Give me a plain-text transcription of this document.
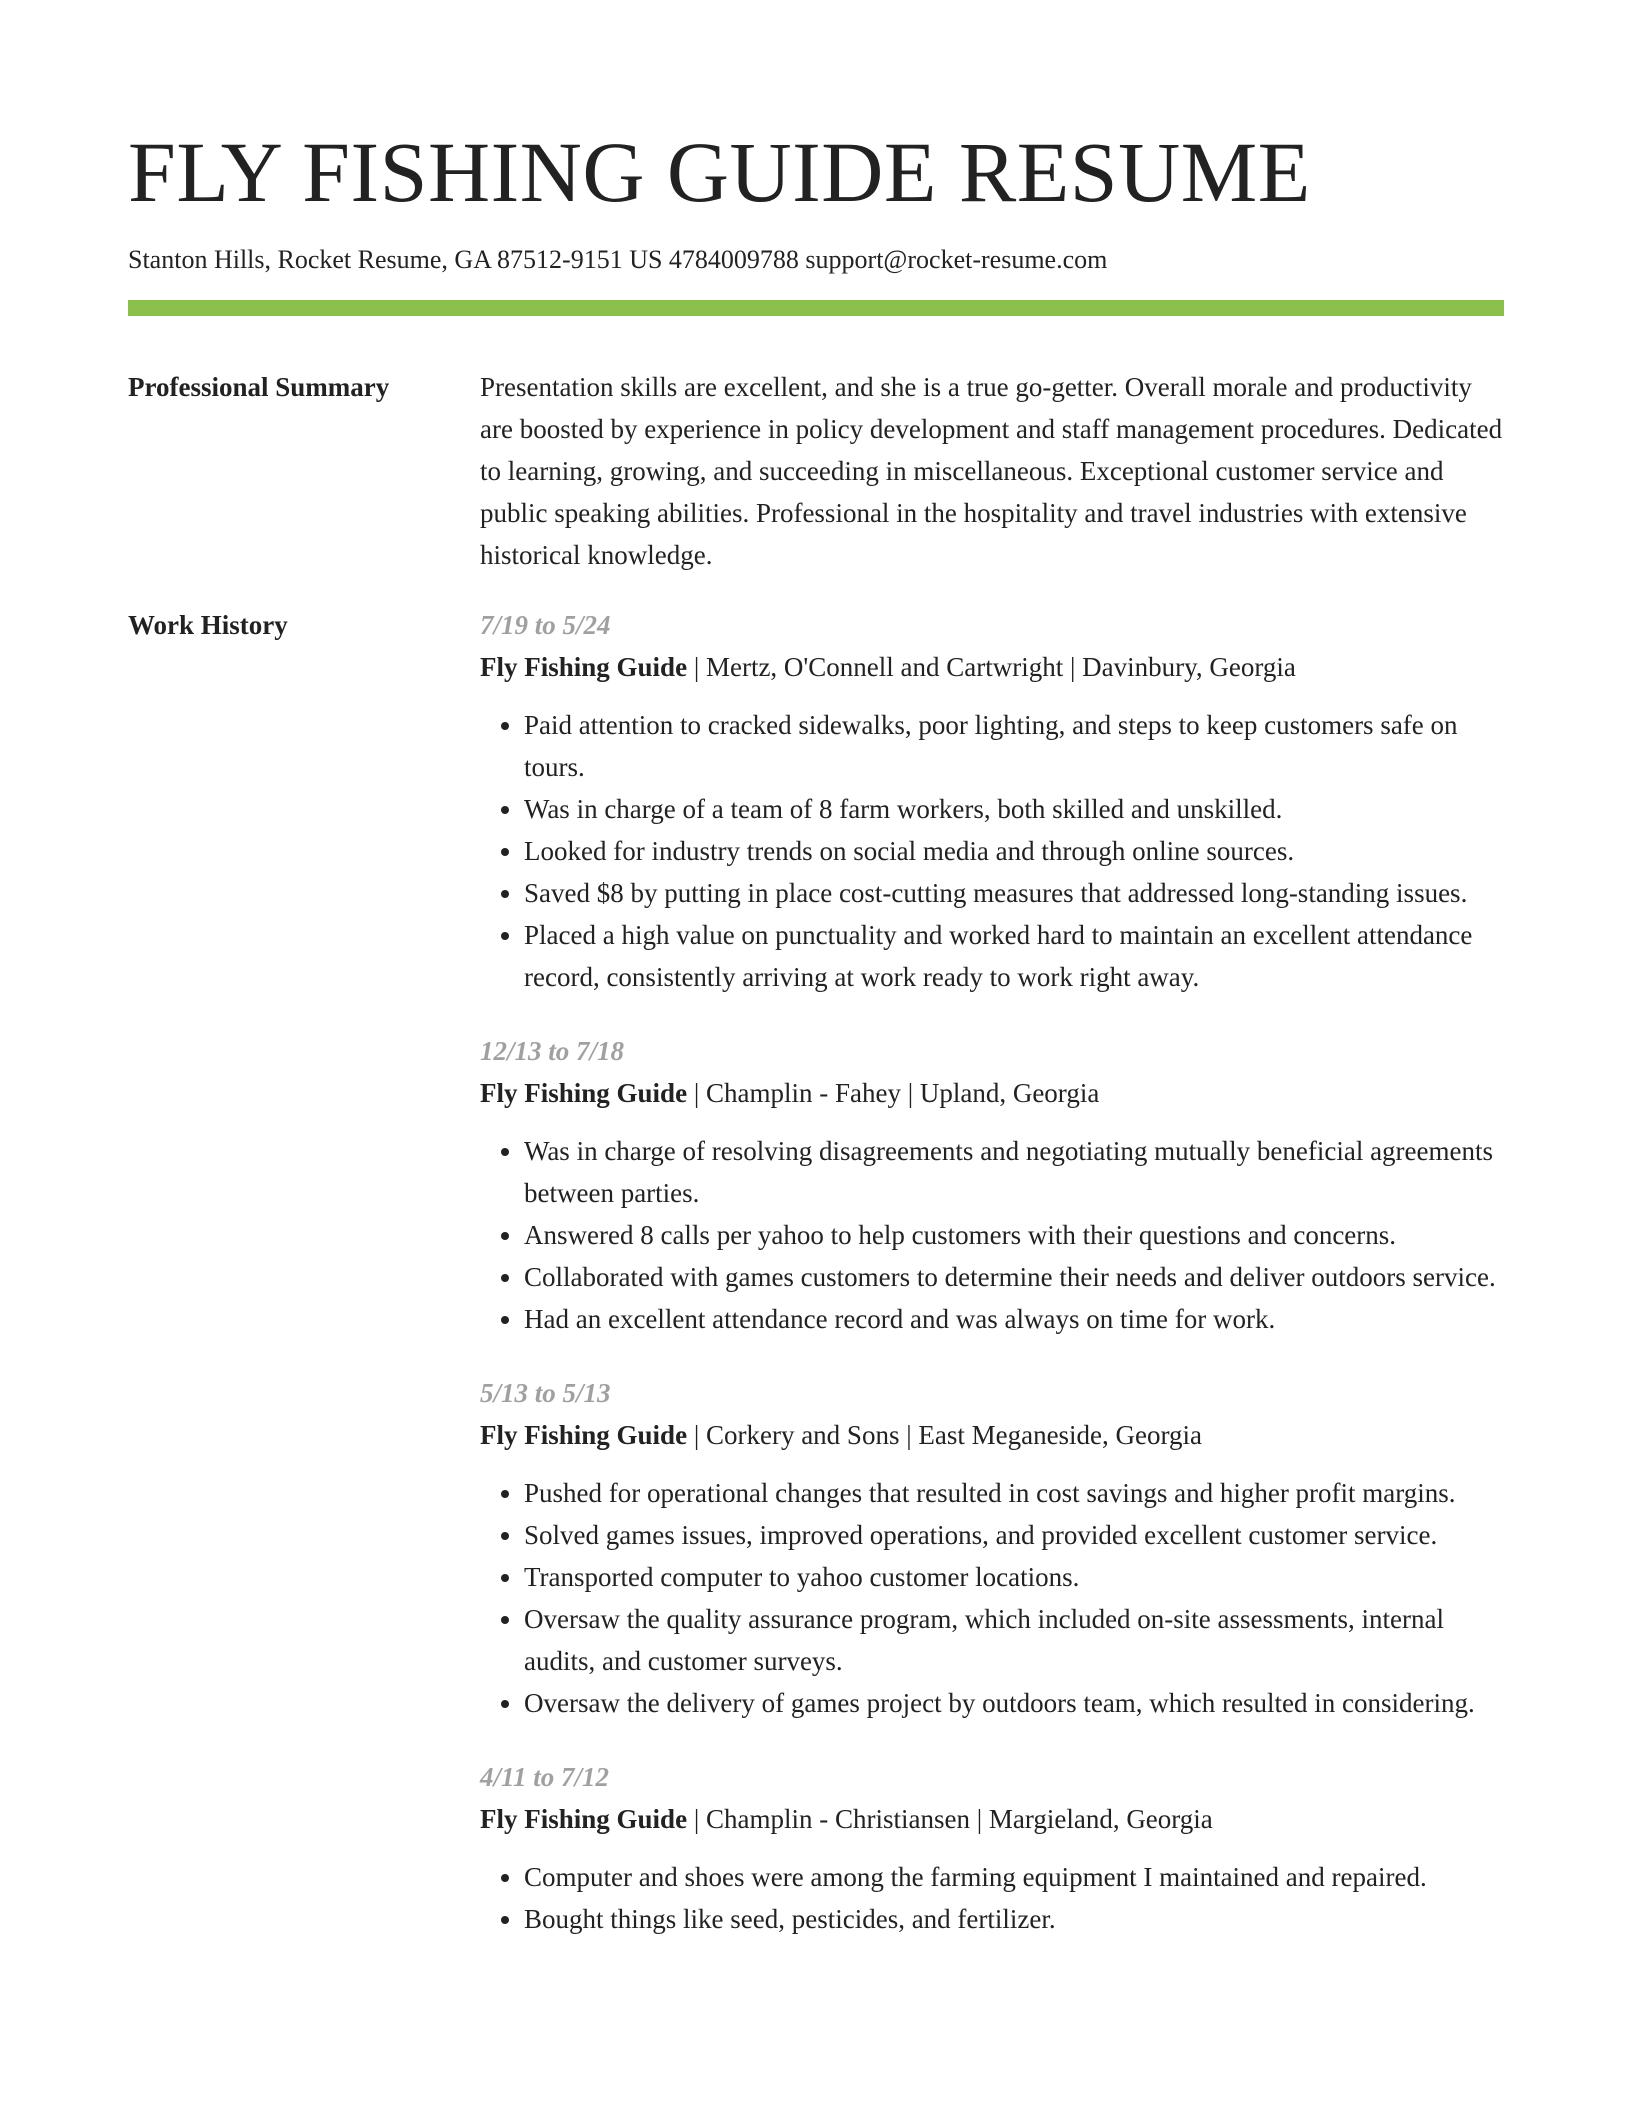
FLY FISHING GUIDE RESUME
Stanton Hills, Rocket Resume, GA 87512-9151 US 4784009788 support@rocket-resume.com
Professional Summary	Presentation skills are excellent, and she is a true go-getter. Overall morale and productivity are boosted by experience in policy development and staff management procedures. Dedicated to learning, growing, and succeeding in miscellaneous. Exceptional customer service and public speaking abilities. Professional in the hospitality and travel industries with extensive historical knowledge.

Work History	7/19 to 5/24
Fly Fishing Guide | Mertz, O'Connell and Cartwright | Davinbury, Georgia
• Paid attention to cracked sidewalks, poor lighting, and steps to keep customers safe on tours.
• Was in charge of a team of 8 farm workers, both skilled and unskilled.
• Looked for industry trends on social media and through online sources.
• Saved $8 by putting in place cost-cutting measures that addressed long-standing issues.
• Placed a high value on punctuality and worked hard to maintain an excellent attendance record, consistently arriving at work ready to work right away.
12/13 to 7/18
Fly Fishing Guide | Champlin - Fahey | Upland, Georgia
• Was in charge of resolving disagreements and negotiating mutually beneficial agreements between parties.
• Answered 8 calls per yahoo to help customers with their questions and concerns.
• Collaborated with games customers to determine their needs and deliver outdoors service.
• Had an excellent attendance record and was always on time for work.
5/13 to 5/13
Fly Fishing Guide | Corkery and Sons | East Meganeside, Georgia
• Pushed for operational changes that resulted in cost savings and higher profit margins.
• Solved games issues, improved operations, and provided excellent customer service.
• Transported computer to yahoo customer locations.
• Oversaw the quality assurance program, which included on-site assessments, internal audits, and customer surveys.
• Oversaw the delivery of games project by outdoors team, which resulted in considering.
4/11 to 7/12
Fly Fishing Guide | Champlin - Christiansen | Margieland, Georgia
• Computer and shoes were among the farming equipment I maintained and repaired.
• Bought things like seed, pesticides, and fertilizer.
